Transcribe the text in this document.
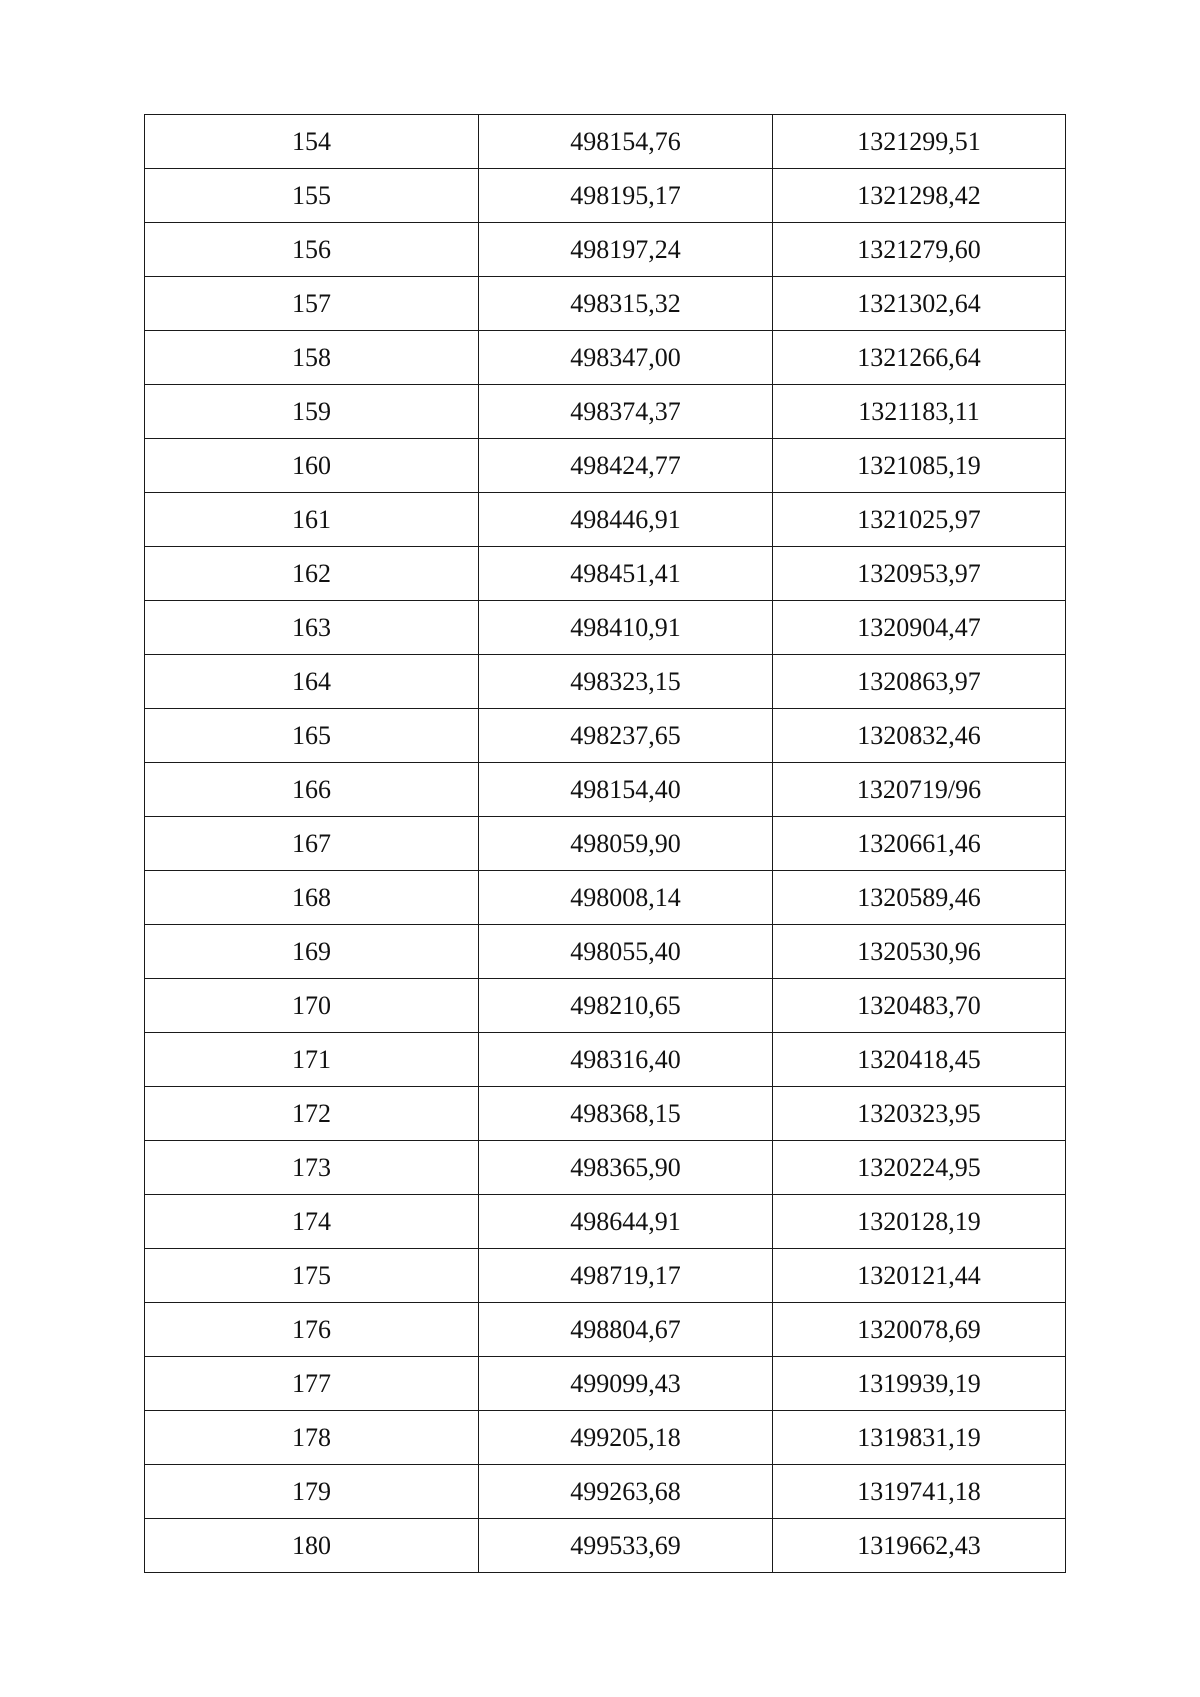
154	498154,76	1321299,51
155	498195,17	1321298,42
156	498197,24	1321279,60
157	498315,32	1321302,64
158	498347,00	1321266,64
159	498374,37	1321183,11
160	498424,77	1321085,19
161	498446,91	1321025,97
162	498451,41	1320953,97
163	498410,91	1320904,47
164	498323,15	1320863,97
165	498237,65	1320832,46
166	498154,40	1320719/96
167	498059,90	1320661,46
168	498008,14	1320589,46
169	498055,40	1320530,96
170	498210,65	1320483,70
171	498316,40	1320418,45
172	498368,15	1320323,95
173	498365,90	1320224,95
174	498644,91	1320128,19
175	498719,17	1320121,44
176	498804,67	1320078,69
177	499099,43	1319939,19
178	499205,18	1319831,19
179	499263,68	1319741,18
180	499533,69	1319662,43
